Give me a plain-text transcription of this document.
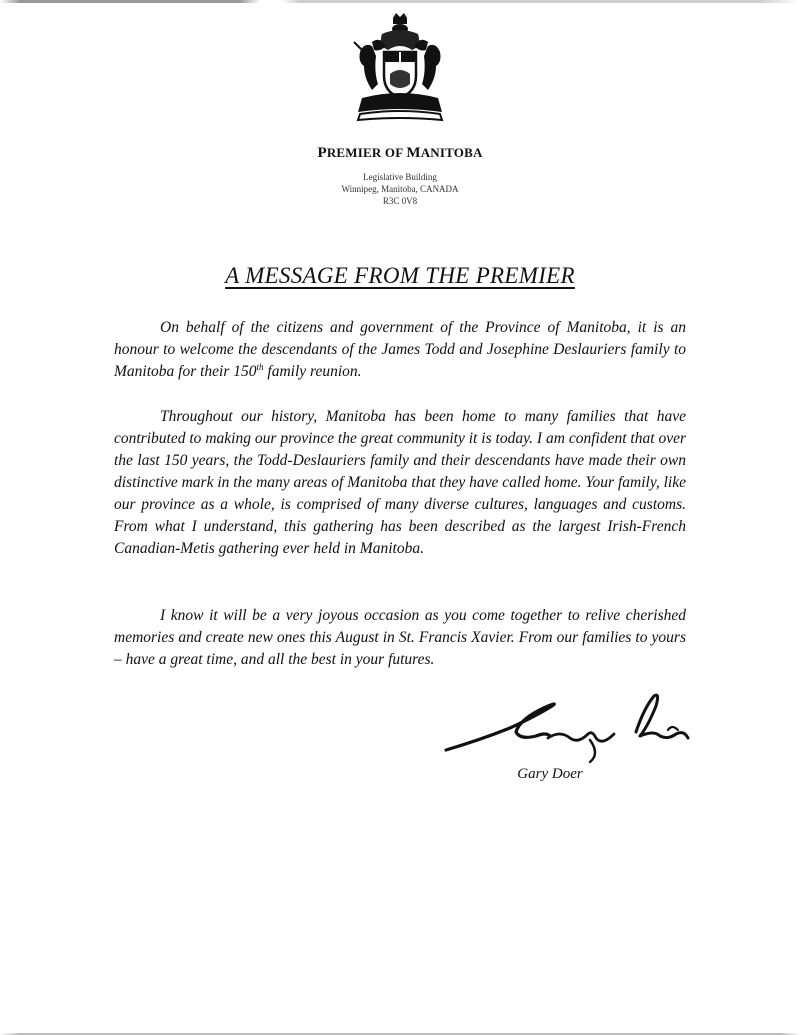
PREMIER OF MANITOBA
Legislative Building
Winnipeg, Manitoba, CANADA
R3C 0V8
A MESSAGE FROM THE PREMIER

On behalf of the citizens and government of the Province of Manitoba, it is an honour to welcome the descendants of the James Todd and Josephine Deslauriers family to Manitoba for their 150th family reunion.

Throughout our history, Manitoba has been home to many families that have contributed to making our province the great community it is today. I am confident that over the last 150 years, the Todd-Deslauriers family and their descendants have made their own distinctive mark in the many areas of Manitoba that they have called home. Your family, like our province as a whole, is comprised of many diverse cultures, languages and customs. From what I understand, this gathering has been described as the largest Irish-French Canadian-Metis gathering ever held in Manitoba.

I know it will be a very joyous occasion as you come together to relive cherished memories and create new ones this August in St. Francis Xavier. From our families to yours – have a great time, and all the best in your futures.

Gary Doer
